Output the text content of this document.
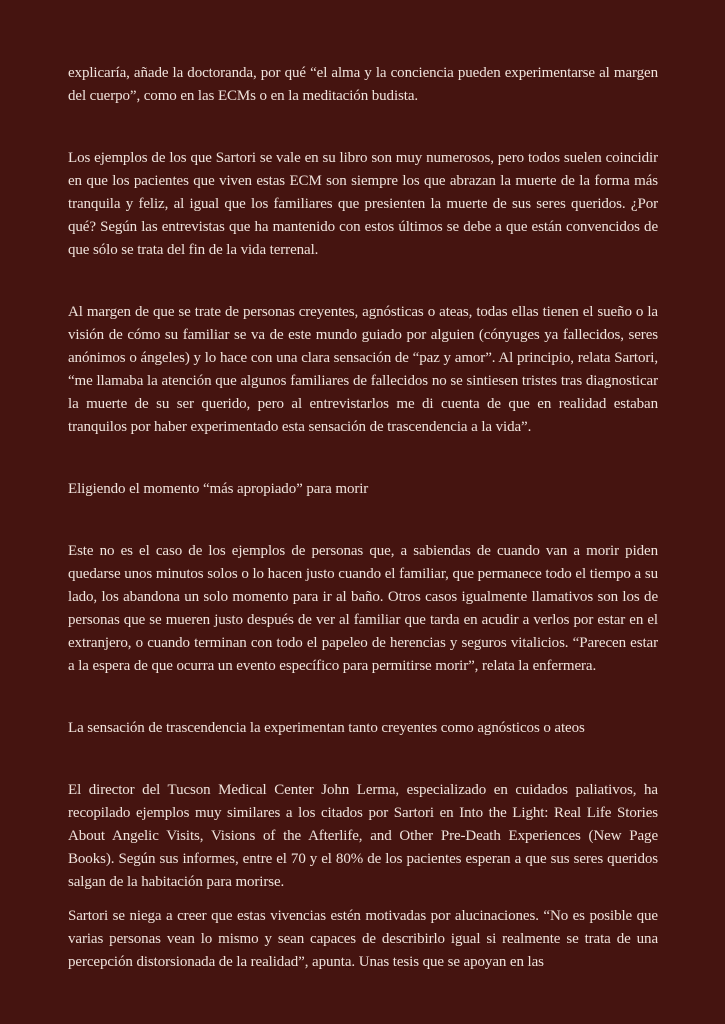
explicaría, añade la doctoranda, por qué “el alma y la conciencia pueden experimentarse al margen del cuerpo”, como en las ECMs o en la meditación budista.

Los ejemplos de los que Sartori se vale en su libro son muy numerosos, pero todos suelen coincidir en que los pacientes que viven estas ECM son siempre los que abrazan la muerte de la forma más tranquila y feliz, al igual que los familiares que presienten la muerte de sus seres queridos. ¿Por qué? Según las entrevistas que ha mantenido con estos últimos se debe a que están convencidos de que sólo se trata del fin de la vida terrenal.

Al margen de que se trate de personas creyentes, agnósticas o ateas, todas ellas tienen el sueño o la visión de cómo su familiar se va de este mundo guiado por alguien (cónyuges ya fallecidos, seres anónimos o ángeles) y lo hace con una clara sensación de “paz y amor”. Al principio, relata Sartori, “me llamaba la atención que algunos familiares de fallecidos no se sintiesen tristes tras diagnosticar la muerte de su ser querido, pero al entrevistarlos me di cuenta de que en realidad estaban tranquilos por haber experimentado esta sensación de trascendencia a la vida”.

Eligiendo el momento “más apropiado” para morir

Este no es el caso de los ejemplos de personas que, a sabiendas de cuando van a morir piden quedarse unos minutos solos o lo hacen justo cuando el familiar, que permanece todo el tiempo a su lado, los abandona un solo momento para ir al baño. Otros casos igualmente llamativos son los de personas que se mueren justo después de ver al familiar que tarda en acudir a verlos por estar en el extranjero, o cuando terminan con todo el papeleo de herencias y seguros vitalicios. “Parecen estar a la espera de que ocurra un evento específico para permitirse morir”, relata la enfermera.

La sensación de trascendencia la experimentan tanto creyentes como agnósticos o ateos

El director del Tucson Medical Center John Lerma, especializado en cuidados paliativos, ha recopilado ejemplos muy similares a los citados por Sartori en Into the Light: Real Life Stories About Angelic Visits, Visions of the Afterlife, and Other Pre-Death Experiences (New Page Books). Según sus informes, entre el 70 y el 80% de los pacientes esperan a que sus seres queridos salgan de la habitación para morirse.

Sartori se niega a creer que estas vivencias estén motivadas por alucinaciones. “No es posible que varias personas vean lo mismo y sean capaces de describirlo igual si realmente se trata de una percepción distorsionada de la realidad”, apunta. Unas tesis que se apoyan en las
